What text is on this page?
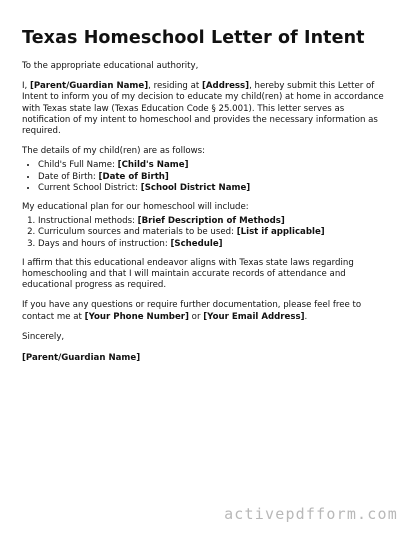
Texas Homeschool Letter of Intent

To the appropriate educational authority,

I, [Parent/Guardian Name], residing at [Address], hereby submit this Letter of Intent to inform you of my decision to educate my child(ren) at home in accordance with Texas state law (Texas Education Code § 25.001). This letter serves as notification of my intent to homeschool and provides the necessary information as required.

The details of my child(ren) are as follows:

• Child's Full Name: [Child's Name]
• Date of Birth: [Date of Birth]
• Current School District: [School District Name]

My educational plan for our homeschool will include:

1. Instructional methods: [Brief Description of Methods]
2. Curriculum sources and materials to be used: [List if applicable]
3. Days and hours of instruction: [Schedule]

I affirm that this educational endeavor aligns with Texas state laws regarding homeschooling and that I will maintain accurate records of attendance and educational progress as required.

If you have any questions or require further documentation, please feel free to contact me at [Your Phone Number] or [Your Email Address].

Sincerely,

[Parent/Guardian Name]

activepdfform.com
